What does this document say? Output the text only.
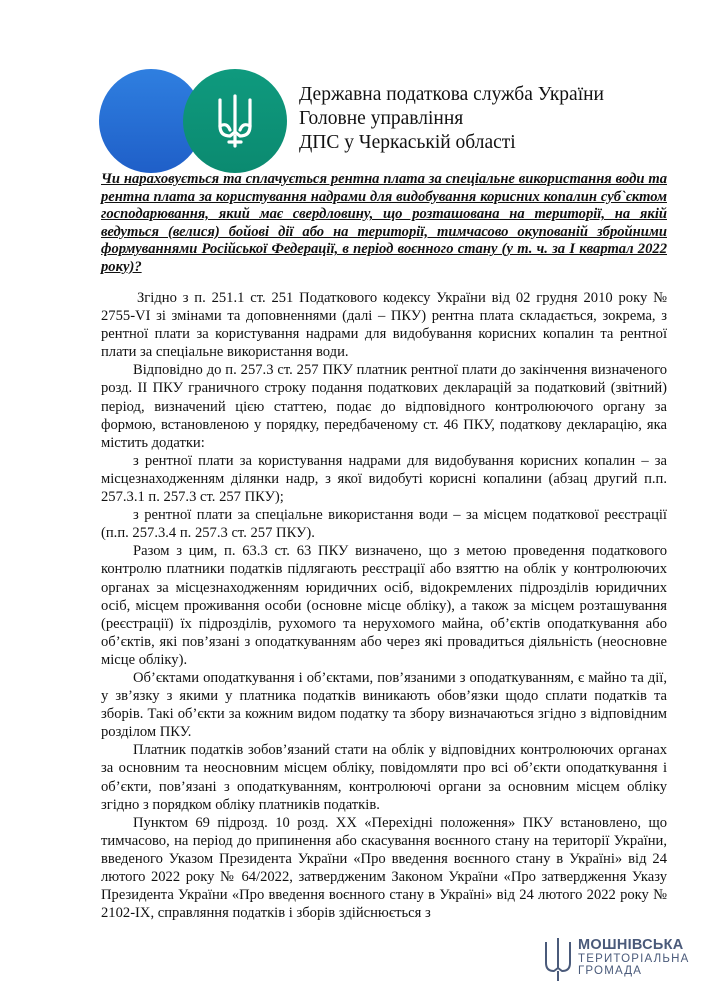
Державна податкова служба України
Головне управління
ДПС у Черкаській області
Чи нараховується та сплачується рентна плата за спеціальне використання води та рентна плата за користування надрами для видобування корисних копалин суб`єктом господарювання, який має свердловину, що розташована на території, на якій ведуться (велися) бойові дії або на території, тимчасово окупованій збройними формуваннями Російської Федерації, в період воєнного стану (у т. ч. за І квартал 2022 року)?

Згідно з п. 251.1 ст. 251 Податкового кодексу України від 02 грудня 2010 року № 2755-VI зі змінами та доповненнями (далі – ПКУ) рентна плата складається, зокрема, з рентної плати за користування надрами для видобування корисних копалин та рентної плати за спеціальне використання води.

Відповідно до п. 257.3 ст. 257 ПКУ платник рентної плати до закінчення визначеного розд. ІІ ПКУ граничного строку подання податкових декларацій за податковий (звітний) період, визначений цією статтею, подає до відповідного контролюючого органу за формою, встановленою у порядку, передбаченому ст. 46 ПКУ, податкову декларацію, яка містить додатки:

з рентної плати за користування надрами для видобування корисних копалин – за місцезнаходженням ділянки надр, з якої видобуті корисні копалини (абзац другий п.п. 257.3.1 п. 257.3 ст. 257 ПКУ);

з рентної плати за спеціальне використання води – за місцем податкової реєстрації (п.п. 257.3.4 п. 257.3 ст. 257 ПКУ).

Разом з цим, п. 63.3 ст. 63 ПКУ визначено, що з метою проведення податкового контролю платники податків підлягають реєстрації або взяттю на облік у контролюючих органах за місцезнаходженням юридичних осіб, відокремлених підрозділів юридичних осіб, місцем проживання особи (основне місце обліку), а також за місцем розташування (реєстрації) їх підрозділів, рухомого та нерухомого майна, об’єктів оподаткування або об’єктів, які пов’язані з оподаткуванням або через які провадиться діяльність (неосновне місце обліку).

Об’єктами оподаткування і об’єктами, пов’язаними з оподаткуванням, є майно та дії, у зв’язку з якими у платника податків виникають обов’язки щодо сплати податків та зборів. Такі об’єкти за кожним видом податку та збору визначаються згідно з відповідним розділом ПКУ.

Платник податків зобов’язаний стати на облік у відповідних контролюючих органах за основним та неосновним місцем обліку, повідомляти про всі об’єкти оподаткування і об’єкти, пов’язані з оподаткуванням, контролюючі органи за основним місцем обліку згідно з порядком обліку платників податків.

Пунктом 69 підрозд. 10 розд. ХХ «Перехідні положення» ПКУ встановлено, що тимчасово, на період до припинення або скасування воєнного стану на території України, введеного Указом Президента України «Про введення воєнного стану в Україні» від 24 лютого 2022 року № 64/2022, затвердженим Законом України «Про затвердження Указу Президента України «Про введення воєнного стану в Україні» від 24 лютого 2022 року № 2102-ІХ, справляння податків і зборів здійснюється з

МОШНІВСЬКА
ТЕРИТОРІАЛЬНА
ГРОМАДА
